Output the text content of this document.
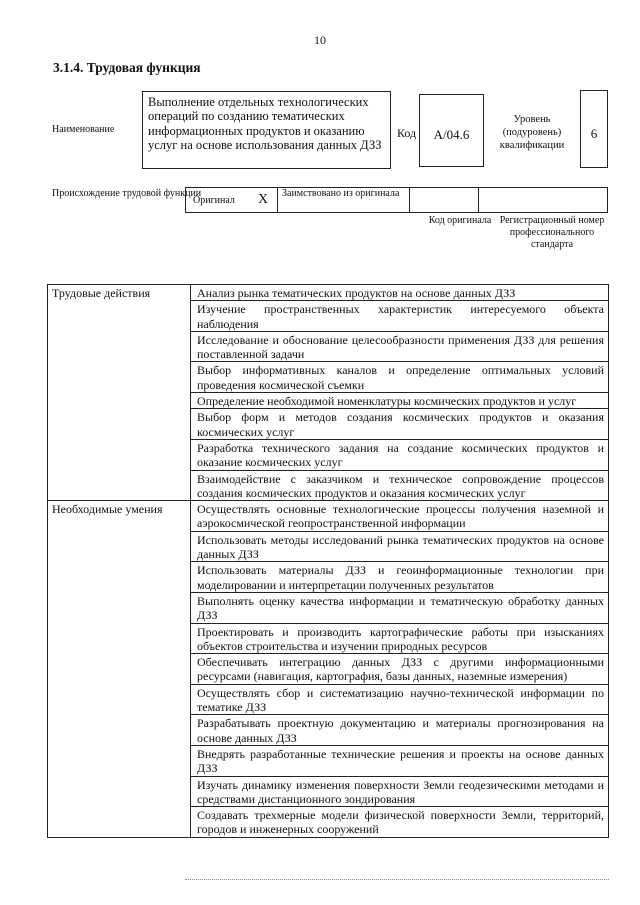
10
3.1.4. Трудовая функция
Наименование
Выполнение отдельных технологических операций по созданию тематических информационных продуктов и оказанию услуг на основе использования данных ДЗЗ
Код	А/04.6
Уровень (подуровень) квалификации
6
Происхождение трудовой функции
Оригинал X Заимствовано из оригинала
Код оригинала Регистрационный номер профессионального стандарта
Трудовые действия	Анализ рынка тематических продуктов на основе данных ДЗЗ
	Изучение пространственных характеристик интересуемого объекта наблюдения
	Исследование и обоснование целесообразности применения ДЗЗ для решения поставленной задачи
	Выбор информативных каналов и определение оптимальных условий проведения космической съемки
	Определение необходимой номенклатуры космических продуктов и услуг
	Выбор форм и методов создания космических продуктов и оказания космических услуг
	Разработка технического задания на создание космических продуктов и оказание космических услуг
	Взаимодействие с заказчиком и техническое сопровождение процессов создания космических продуктов и оказания космических услуг
Необходимые умения	Осуществлять основные технологические процессы получения наземной и аэрокосмической геопространственной информации
	Использовать методы исследований рынка тематических продуктов на основе данных ДЗЗ
	Использовать материалы ДЗЗ и геоинформационные технологии при моделировании и интерпретации полученных результатов
	Выполнять оценку качества информации и тематическую обработку данных ДЗЗ
	Проектировать и производить картографические работы при изысканиях объектов строительства и изучении природных ресурсов
	Обеспечивать интеграцию данных ДЗЗ с другими информационными ресурсами (навигация, картография, базы данных, наземные измерения)
	Осуществлять сбор и систематизацию научно-технической информации по тематике ДЗЗ
	Разрабатывать проектную документацию и материалы прогнозирования на основе данных ДЗЗ
	Внедрять разработанные технические решения и проекты на основе данных ДЗЗ
	Изучать динамику изменения поверхности Земли геодезическими методами и средствами дистанционного зондирования
	Создавать трехмерные модели физической поверхности Земли, территорий, городов и инженерных сооружений
